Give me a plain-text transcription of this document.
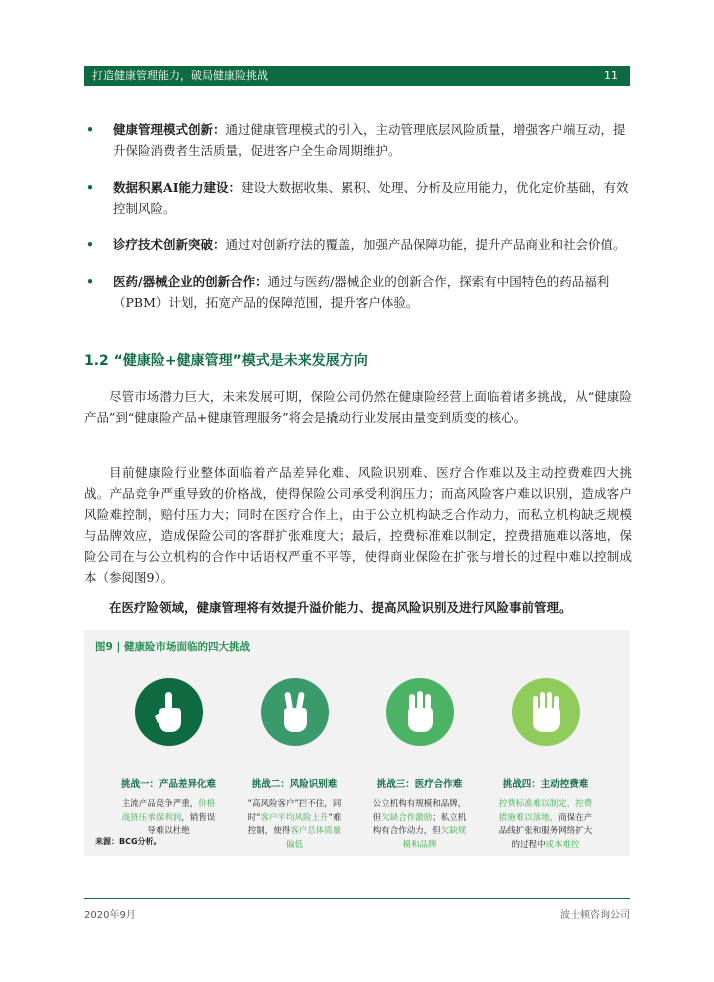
打造健康管理能力，破局健康险挑战	11
• 健康管理模式创新：通过健康管理模式的引入，主动管理底层风险质量，增强客户端互动，提升保险消费者生活质量，促进客户全生命周期维护。
• 数据积累AI能力建设：建设大数据收集、累积、处理、分析及应用能力，优化定价基础，有效控制风险。
• 诊疗技术创新突破：通过对创新疗法的覆盖，加强产品保障功能，提升产品商业和社会价值。
• 医药/器械企业的创新合作：通过与医药/器械企业的创新合作，探索有中国特色的药品福利（PBM）计划，拓宽产品的保障范围，提升客户体验。
1.2 “健康险+健康管理”模式是未来发展方向

尽管市场潜力巨大，未来发展可期，保险公司仍然在健康险经营上面临着诸多挑战，从“健康险产品”到“健康险产品+健康管理服务”将会是撬动行业发展由量变到质变的核心。

目前健康险行业整体面临着产品差异化难、风险识别难、医疗合作难以及主动控费难四大挑战。产品竞争严重导致的价格战，使得保险公司承受利润压力；而高风险客户难以识别，造成客户风险难控制，赔付压力大；同时在医疗合作上，由于公立机构缺乏合作动力，而私立机构缺乏规模与品牌效应，造成保险公司的客群扩张难度大；最后，控费标准难以制定，控费措施难以落地，保险公司在与公立机构的合作中话语权严重不平等，使得商业保险在扩张与增长的过程中难以控制成本（参阅图9）。

在医疗险领域，健康管理将有效提升溢价能力、提高风险识别及进行风险事前管理。

图9 | 健康险市场面临的四大挑战
挑战一：产品差异化难
主流产品竞争严重，价格战挤压承保利润，销售误导难以杜绝
挑战二：风险识别难
“高风险客户”拦不住，同时“客户平均风险上升”难控制，使得客户总体质量偏低
挑战三：医疗合作难
公立机构有规模和品牌，但欠缺合作激励；私立机构有合作动力，但欠缺规模和品牌
挑战四：主动控费难
控费标准难以制定，控费措施难以落地，商保在产品线扩张和服务网络扩大的过程中成本难控
来源：BCG分析。
2020年9月	波士顿咨询公司
